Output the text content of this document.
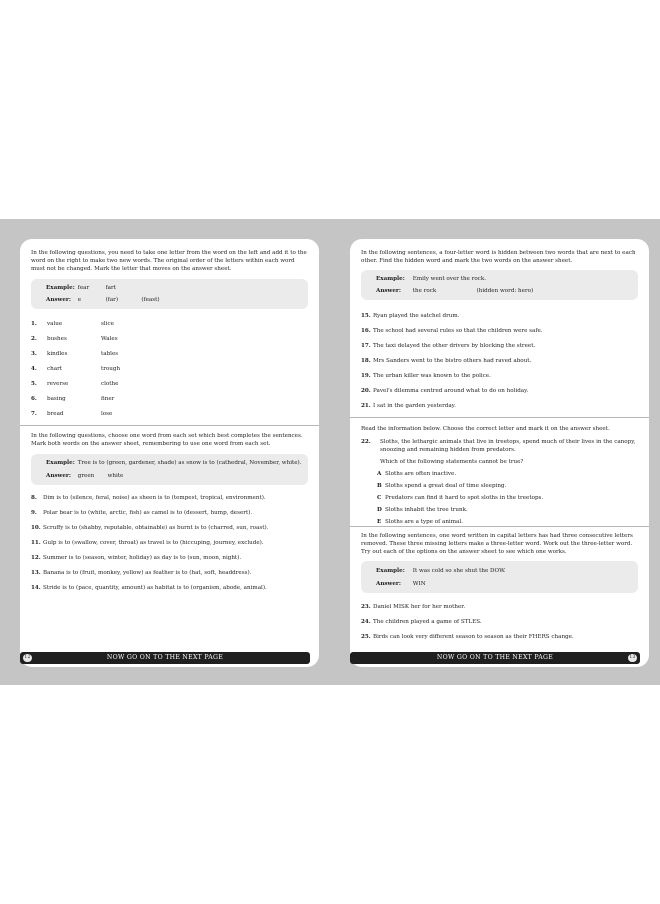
In the following questions, you need to take one letter from the word on the left and add it to the word on the right to make two new words. The original order of the letters within each word must not be changed. Mark the letter that moves on the answer sheet.

Example: fear	fart
Answer: e	(far)	(feast)
1.	value	slice
2.	bushes	Wales
3.	kindles	tables
4.	chart	trough
5.	reverse	clothe
6.	basing	finer
7.	bread	lose

In the following questions, choose one word from each set which best completes the sentences. Mark both words on the answer sheet, remembering to use one word from each set.

Example: Tree is to (green, gardener, shade) as snow is to (cathedral, November, white).
Answer: green white
8.	Dim is to (silence, feral, noise) as sheen is to (tempest, tropical, environment).
9.	Polar bear is to (white, arctic, fish) as camel is to (dessert, hump, desert).
10. Scruffy is to (shabby, reputable, obtainable) as burnt is to (charred, sun, roast).
11. Gulp is to (swallow, cover, throat) as travel is to (hiccuping, journey, exclude).
12. Summer is to (season, winter, holiday) as day is to (sun, moon, night).
13. Banana is to (fruit, monkey, yellow) as feather is to (hat, soft, headdress).
14. Stride is to (pace, quantity, amount) as habitat is to (organism, abode, animal).

In the following sentences, a four-letter word is hidden between two words that are next to each other. Find the hidden word and mark the two words on the answer sheet.

Example: Emily went over the rock.
Answer: the rock	(hidden word: hero)
15. Ryan played the satchel drum.
16. The school had several rules so that the children were safe.
17. The taxi delayed the other drivers by blocking the street.
18. Mrs Sanders went to the bistro others had raved about.
19. The urban killer was known to the police.
20. Pavel's dilemma centred around what to do on holiday.
21. I sat in the garden yesterday.

Read the information below. Choose the correct letter and mark it on the answer sheet.

22. Sloths, the lethargic animals that live in treetops, spend much of their lives in the canopy, snoozing and remaining hidden from predators.

Which of the following statements cannot be true?

A Sloths are often inactive.
B Sloths spend a great deal of time sleeping.
C Predators can find it hard to spot sloths in the treetops.
D Sloths inhabit the tree trunk.
E Sloths are a type of animal.

In the following sentences, one word written in capital letters has had three consecutive letters removed. These three missing letters make a three-letter word. Work out the three-letter word. Try out each of the options on the answer sheet to see which one works.

Example: It was cold so she shut the DOW.
Answer: WIN
23. Daniel MISK her for her mother.
24. The children played a game of STLES.
25. Birds can look very different season to season as their FHERS change.
12	NOW GO ON TO THE NEXT PAGE	NOW GO ON TO THE NEXT PAGE	13
